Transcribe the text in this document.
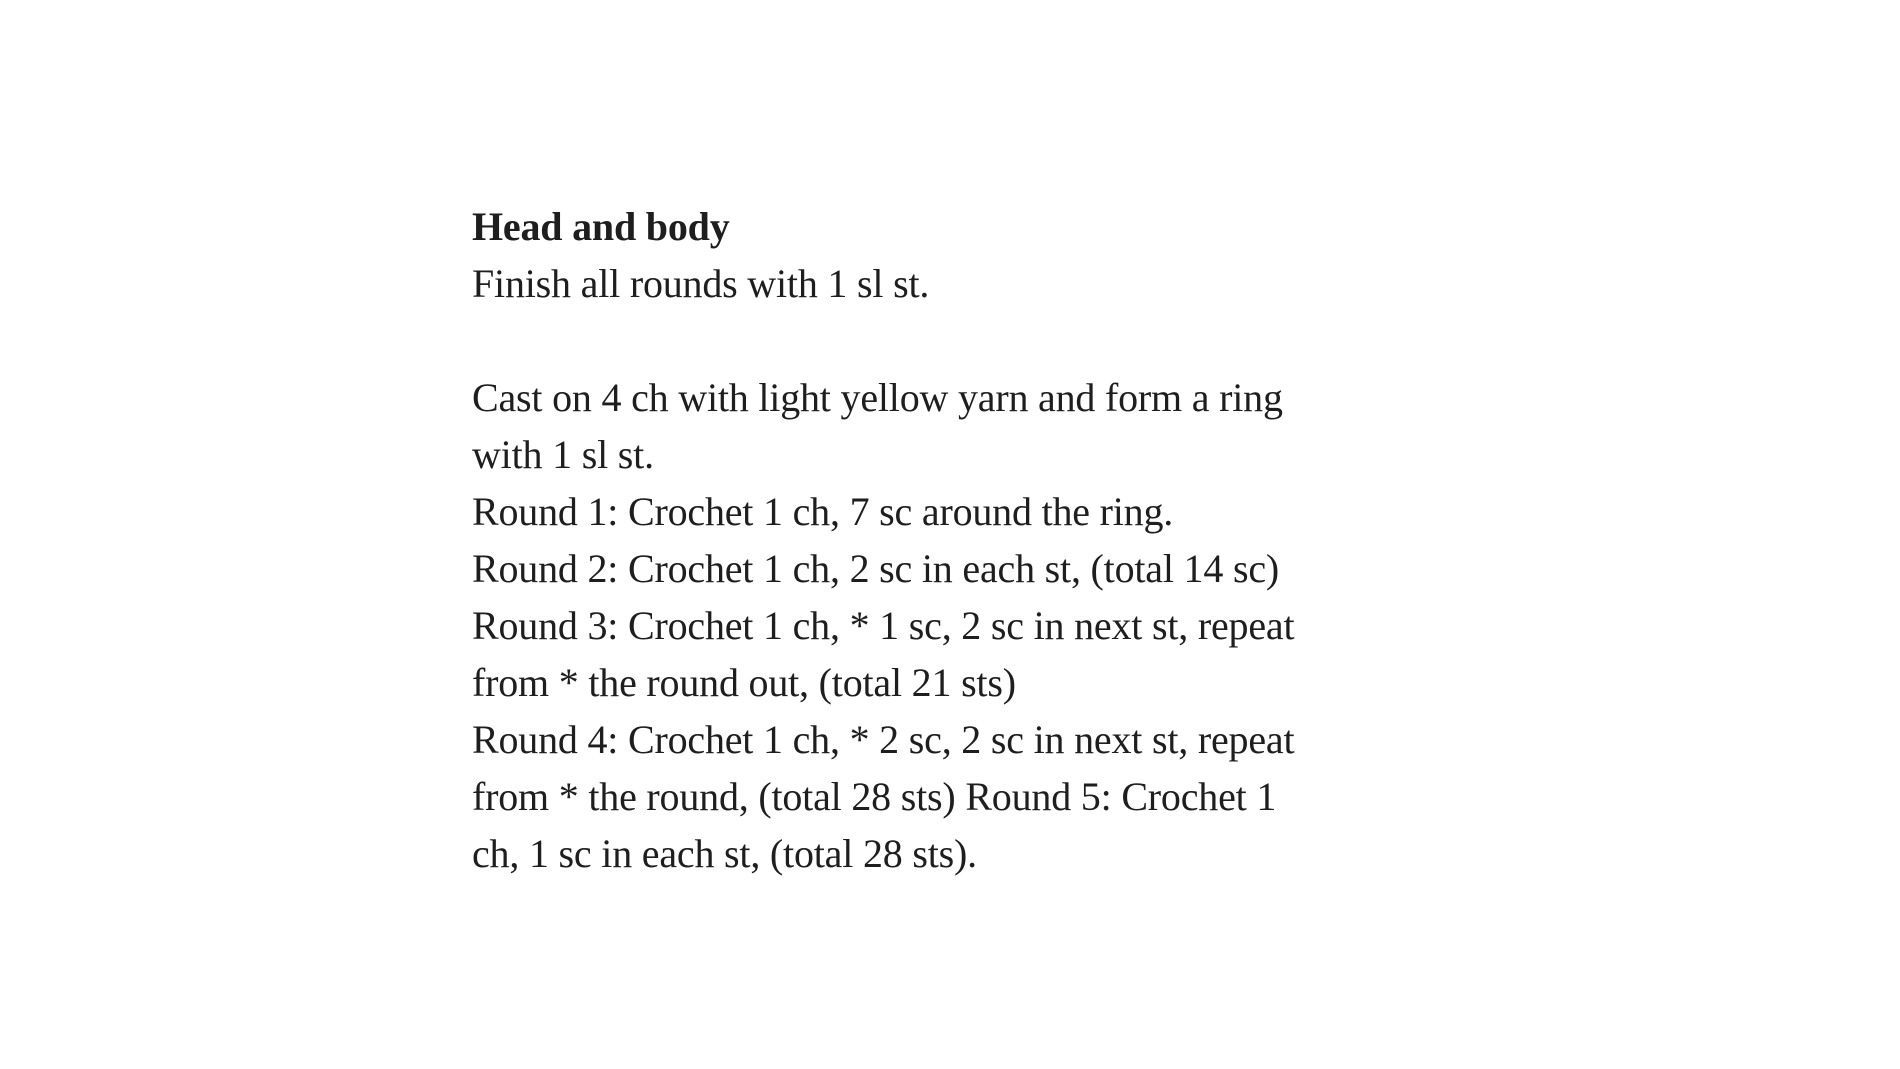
Head and body

Finish all rounds with 1 sl st.

Cast on 4 ch with light yellow yarn and form a ring

with 1 sl st.

Round 1: Crochet 1 ch, 7 sc around the ring.

Round 2: Crochet 1 ch, 2 sc in each st, (total 14 sc)

Round 3: Crochet 1 ch, * 1 sc, 2 sc in next st, repeat

from * the round out, (total 21 sts)

Round 4: Crochet 1 ch, * 2 sc, 2 sc in next st, repeat

from * the round, (total 28 sts) Round 5: Crochet 1

ch, 1 sc in each st, (total 28 sts).
